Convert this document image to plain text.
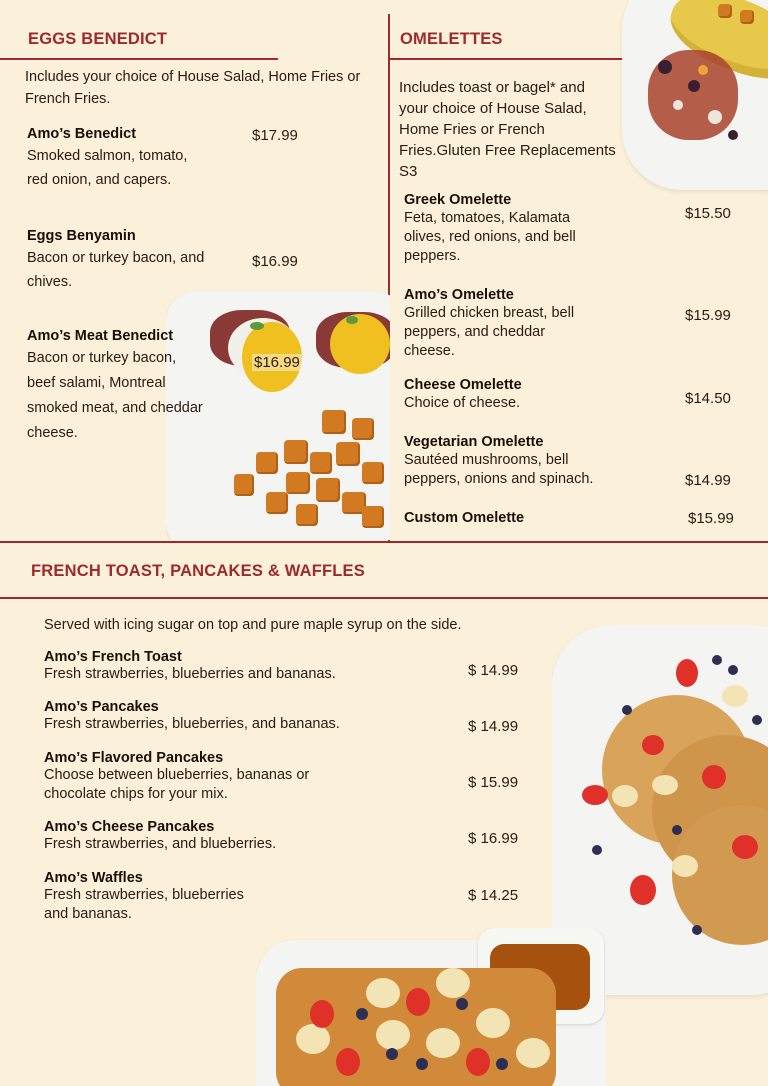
EGGS BENEDICT
Includes your choice of House Salad, Home Fries or French Fries.
Amo’s Benedict
Smoked salmon, tomato,
red onion, and capers.
$17.99
Eggs Benyamin
Bacon or turkey bacon, and
chives.
$16.99
Amo’s Meat Benedict
Bacon or turkey bacon,
beef salami, Montreal
smoked meat, and cheddar
cheese.
$16.99
OMELETTES
Includes toast or bagel* and
your choice of House Salad,
Home Fries or French
Fries.Gluten Free Replacements
S3
Greek Omelette
Feta, tomatoes, Kalamata
olives, red onions, and bell
peppers.
$15.50
Amo’s Omelette
Grilled chicken breast, bell
peppers, and cheddar
cheese.
$15.99
Cheese Omelette
Choice of cheese.	$14.50
Vegetarian Omelette
Sautéed mushrooms, bell
peppers, onions and spinach.	$14.99
Custom Omelette	$15.99
FRENCH TOAST, PANCAKES & WAFFLES
Served with icing sugar on top and pure maple syrup on the side.
Amo’s French Toast
Fresh strawberries, blueberries and bananas.	$ 14.99
Amo’s Pancakes
Fresh strawberries, blueberries, and bananas.	$ 14.99
Amo’s Flavored Pancakes
Choose between blueberries, bananas or
chocolate chips for your mix.
$ 15.99
Amo’s Cheese Pancakes
Fresh strawberries, and blueberries.	$ 16.99
Amo’s Waffles
Fresh strawberries, blueberries
and bananas.
$ 14.25
